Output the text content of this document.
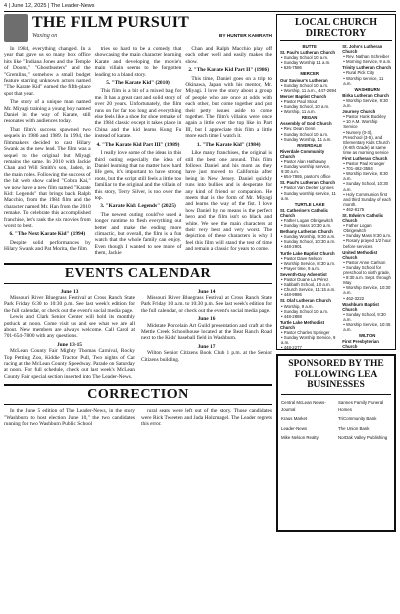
4 | June 12, 2025 | The Leader-News
THE FILM PURSUIT
Waxing on	BY HUNTER KAMRATH

In 1984, everything changed. In a year that gave us so many box office hits like "Indiana Jones and the Temple of Doom," "Ghostbusters" and the "Gremlins," somehow a small budget feature starring unknown actors named "The Karate Kid" earned the fifth-place spot that year.

The story of a unique man named Mr. Miyagi training a young boy named Daniel in the way of Karate, still resonates with audiences today.

That film's success spawned two sequels in 1986 and 1989. In 1994, the filmmakers decided to cast Hilary Swank as the new lead. The film was a sequel to the original but Miyagi remains the same. In 2010 with Jackie Chan and Will Smith's son, Jaden, in the main roles. Following the success of the hit web show called "Cobra Kai," we now have a new film named "Karate Kid: Legends" that brings back Ralph Macchio, from the 1984 film and the character named Mr. Han from the 2010 remake. To celebrate this accomplished franchise, let's rank the six movies from worst to best.

6. "The Next Karate Kid" (1994)

Despite solid performances by Hilary Swank and Pat Morita, the film

tries so hard to be a comedy that showcasing the main character learning Karate and developing the movie's main villain seems to be forgotten leading to a bland story.

5. "The Karate Kid" (2010)

This film is a bit of a mixed bag for me. It has a great cast and solid story of over 20 years. Unfortunately, the film runs on for far too long and everything else feels like a shoe for shoe remake of the 1984 classic except it takes place in China and the kid learns Kung Fu instead of karate.

4. "The Karate Kid Part III" (1989)

I really love some of the ideas in this third outing especially the idea of Daniel learning that no matter how hard life gets, it's important to have strong roots, but the script still feels a little too familiar to the original and the villain of this story, Terry Silver, is too over the top.

3. "Karate Kid: Legends" (2025)

The newest outing could've used a longer runtime to flesh everything out better and make the ending more climactic, but overall, the film is a fun watch that the whole family can enjoy. Even though I wanted to see more of them, Jackie

Chan and Ralph Macchio play off each other well and easily makes the show.

2. "The Karate Kid Part II" (1986)

This time, Daniel goes on a trip to Okinawa, Japan with his mentor, Mr. Miyagi. I love the story about a group of people who are once at odds with each other, but come together and put their petty issues aside to come together. The film's villains were once again a little over the top like in Part III, but I appreciate this film a little more each time I watch it.

1. "The Karate Kid" (1984)

Like many franchises, the original is still the best one around. This film follows Daniel and his mom as they have just moved to California after being in New Jersey. Daniel quickly runs into bullies and is desperate for any kind of friend or companion. He meets that is the form of Mr. Miyagi and learns the way of the fist. I love how Daniel by no means is the perfect hero and the film isn't so black and white. We see the main characters at their very best and very worst. The depiction of these characters is why I feel this film will stand the test of time and remain a classic for years to come.

EVENTS CALENDAR
June 13
Missouri River Bluegrass Festival at Cross Ranch State Park Friday 6:30 to 10:30 p.m. See last week's edition for the full calendar, or check out the event's social media page.
Lewis and Clark Senior Center will hold its monthly potluck at noon. Come visit us and see what we are all about. New members are always welcome. Call Carol at 701-654-7800 with any questions.
June 13-15
McLean County Fair Mighty Thomas Carnival, Rocky Top Petting Zoo, Kiddie Tractor Pull, Two nights of Car racing at the McLean County Speedway. Parade on Saturday at noon. For full schedule, check out last week's McLean County Fair special section inserted into The Leader-News.
June 14
Missouri River Bluegrass Festival at Cross Ranch State Park Friday 10 a.m. to 10:30 p.m. See last week's edition for the full calendar, or check out the event's social media page.
June 16
Midstate Porcelain Art Guild presentation and craft at the Mettle Creek Schoolhouse located at the Beat Ranch Road next to the Kids' baseball field in Washburn.
June 17
Wilton Senior Citizens Book Club 1 p.m. at the Senior Citizens building.
CORRECTION

In the June 5 edition of The Leader-News, in the story "Washburn to host election June 10," the two candidates running for two Washburn Public School

rural seats were left out of the story. Those candidates were Rick Tweeten and Jada Holzmagel. The Leader regrets this error.

LOCAL CHURCH DIRECTORY
BUTTE
St. Paul's Lutheran Church
• Sunday School 10 a.m.
• Sunday Worship 11 a.m.
• 626-7586
MERCER
Our Saviour's Lutheran
• Sunday School 10 a.m.
• Worship, 11 a.m., 447-2694
Mercer Baptist Church
• Pastor Paul Stout
• Sunday School, 10 a.m.
• Worship, 11 a.m.
REGAN
Assembly of God Church
• Rev. Dean Genn
• Sunday School 10 a.m.
• Sunday Worship, 11 a.m.
RIVERDALE
Riverdale Community Church
• Pastor Alan Hathaway
• Sunday worship service, 9:30 a.m.
• 654-7865, pastor's office
St. Paul's Lutheran Church
• Pastor Van Deeter Lynnes
• Sunday worship service, 11 a.m.
TURTLE LAKE
St. Catherine's Catholic Church
• Father Logan Obrigewitch
• Sunday mass 10:30 a.m.
Bethany Lutheran Church
• Sunday Worship, 9:30 a.m.
• Sunday School, 10:30 a.m.
• 448-2901
Turtle Lake Baptist Church
• Pastor Dave Nelson
• Worship Service, 8:30 a.m.
• Prayer time, 9 a.m.
Seventh-Day Adventist
• Pastor Duane La Pérez
• Sabbath School, 10 a.m.
• Church Service, 11:15 a.m.
• 448-9986
St. Olaf Lutheran Church
• Worship, 9 a.m.
• Sunday School 10 a.m.
• 448-2888
Turtle Lake Methodist Church
• Pastor Charles Springer
• Sunday Worship Service, 9 a.m.
• 448-2277
St. John's Lutheran Church
• Rev. Nathan Schreiber
• Morning Service, 9 a.m.
Trinity Lutheran Church
• Rural Pick City
• Worship service, 11 a.m.
WASHBURN
Birka Lutheran Church
• Worship Service, 9:30 a.m.
Journey Church
• Pastor Hunk Buckley
• 10 A.M. Worship Service
• Nursery (0-3), Preschool (3-5), and Elementary Kids Church (K-6th Grade) at same time as morning service
First Lutheran Church
• Pastor Paul Krueger
• 701-462-3584
• Worship Service, 8:30 a.m.
• Sunday School, 10:30 a.m.
• Holy Communion first and third Sunday of each month.
• 462-8175
St. Edwin's Catholic Church
• Father Logan Obrigewitch
• Sunday Mass 8:30 a.m.
• Rosary prayed 1/2 hour before services
United Methodist Church
• Pastor Anne Carlson
• Sunday School for preschool to sixth grade,
• 9:30 a.m. Sept. through May
• Worship Service, 10:30 a.m.
• 462-3222
Washburn Baptist Church
• Sunday School, 9:30 a.m.
• Worship Service, 10:45 a.m.
WILTON
First Presbyterian Church
SPONSORED BY THE FOLLOWING LEA BUSINESSES
Central McLean News-Journal
Sannes Family Funeral Homes
Kraus Market	TriCommunity Bank
Leader-News	The Union Bank
Mike Nelson Realty	NorDak Valley Publishing
